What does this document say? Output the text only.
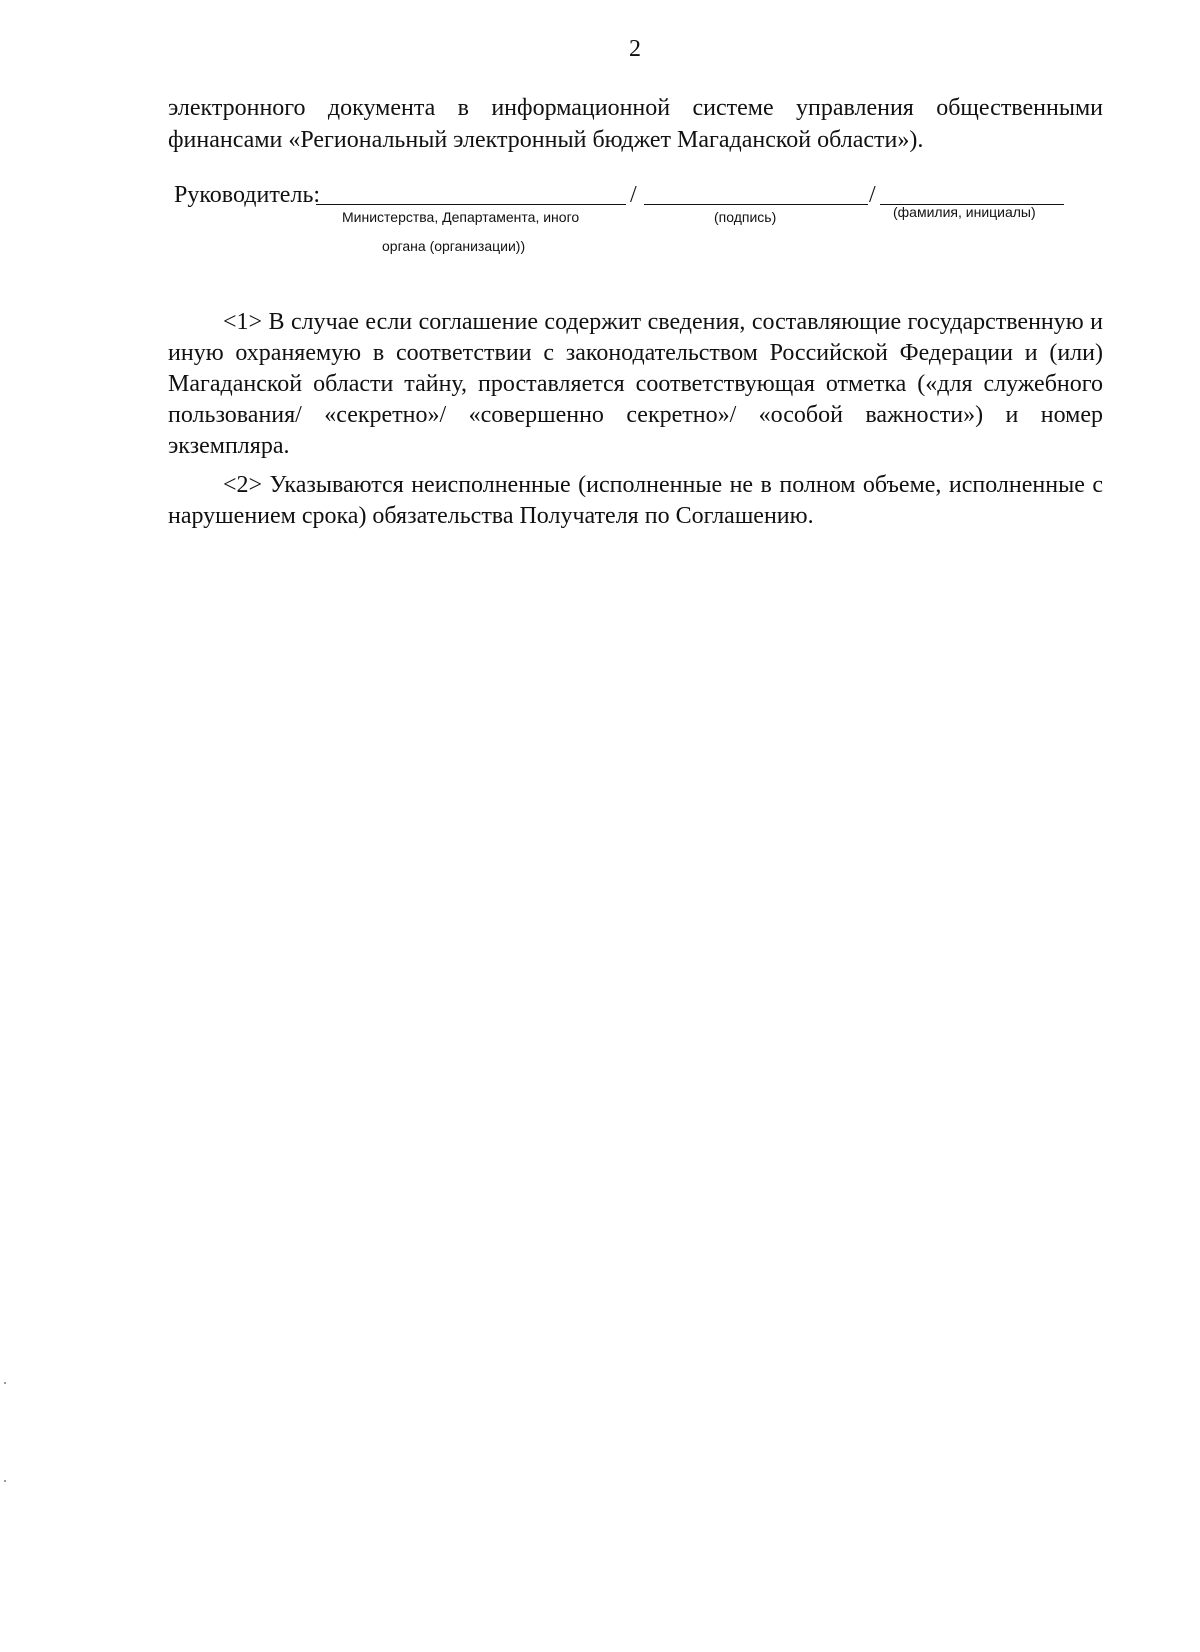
2
электронного документа в информационной системе управления общественными финансами «Региональный электронный бюджет Магаданской области»).
Руководитель:	/	/
Министерства, Департамента, иного
органа (организации))
(подпись)	(фамилия, инициалы)

<1> В случае если соглашение содержит сведения, составляющие государственную и иную охраняемую в соответствии с законодательством Российской Федерации и (или) Магаданской области тайну, проставляется соответствующая отметка («для служебного пользования/ «секретно»/ «совершенно секретно»/ «особой важности») и номер экземпляра.

<2> Указываются неисполненные (исполненные не в полном объеме, исполненные с нарушением срока) обязательства Получателя по Соглашению.
